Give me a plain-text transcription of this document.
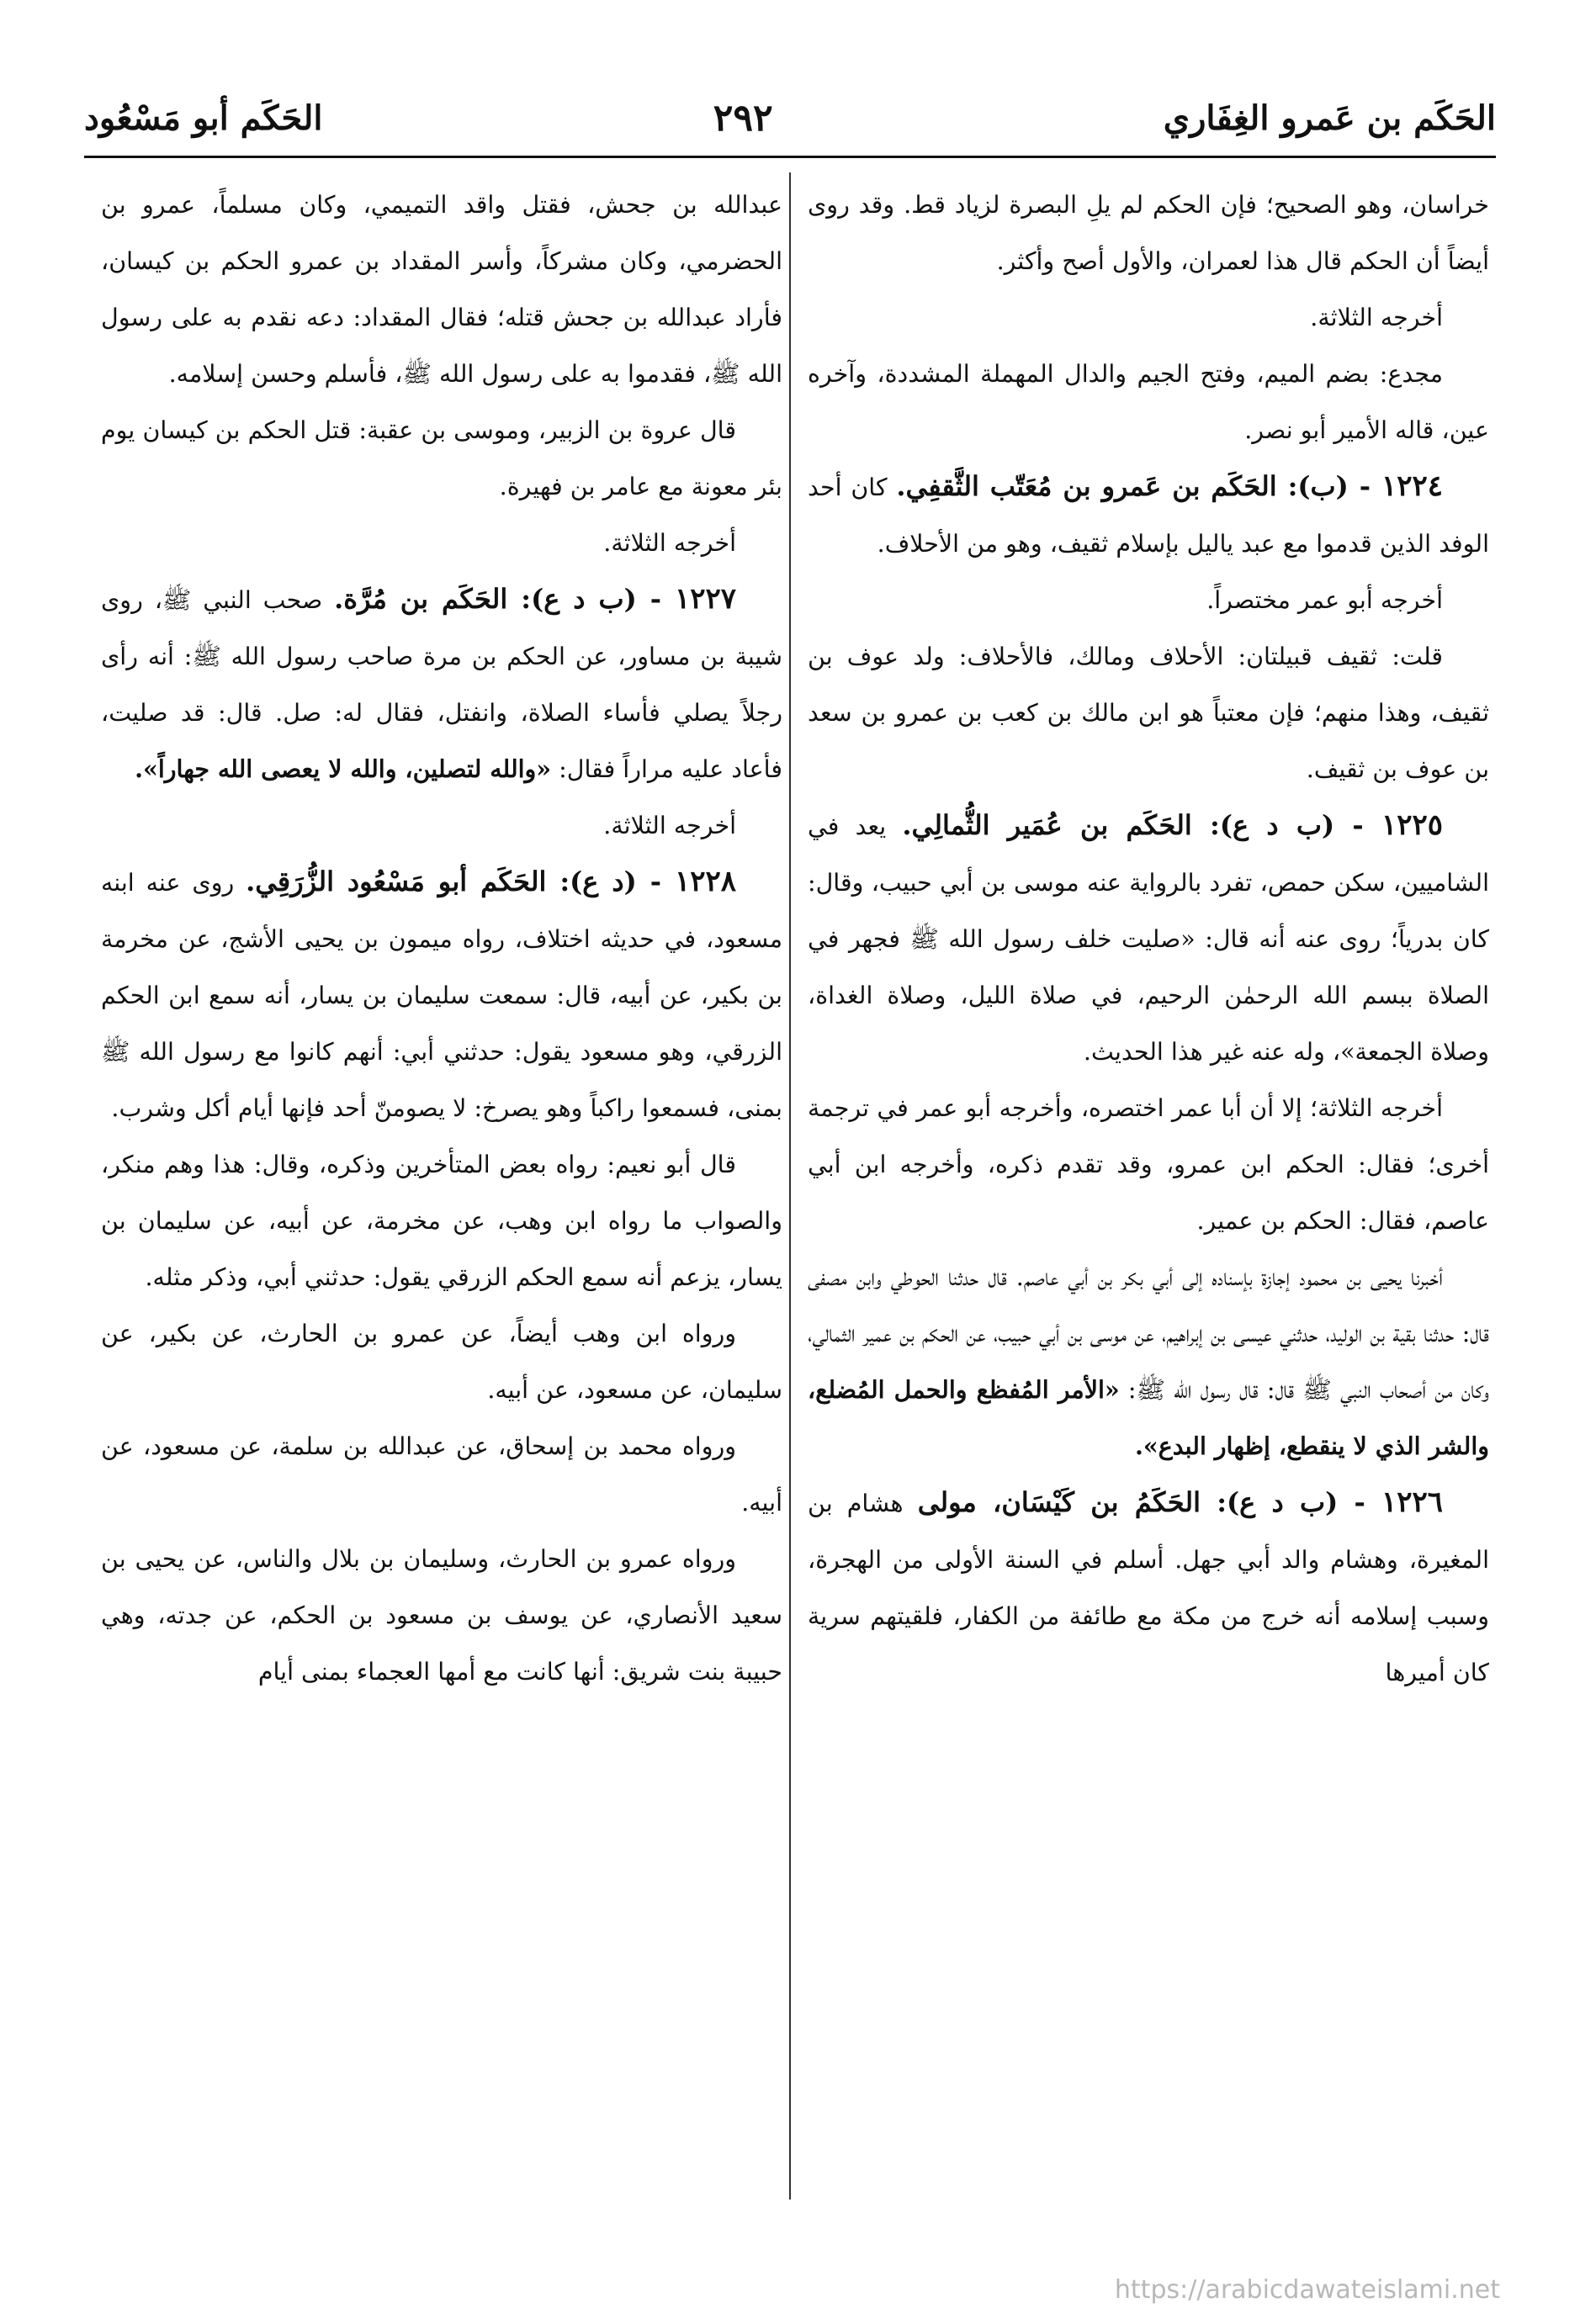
الحَكَم بن عَمرو الغِفَاري
٢٩٢
الحَكَم أبو مَسْعُود

خراسان، وهو الصحيح؛ فإن الحكم لم يلِ البصرة لزياد قط. وقد روى أيضاً أن الحكم قال هذا لعمران، والأول أصح وأكثر.

أخرجه الثلاثة.

مجدع: بضم الميم، وفتح الجيم والدال المهملة المشددة، وآخره عين، قاله الأمير أبو نصر.

١٢٢٤ - (ب): الحَكَم بن عَمرو بن مُعَتّب الثَّقفِي. كان أحد الوفد الذين قدموا مع عبد ياليل بإسلام ثقيف، وهو من الأحلاف.

أخرجه أبو عمر مختصراً.

قلت: ثقيف قبيلتان: الأحلاف ومالك، فالأحلاف: ولد عوف بن ثقيف، وهذا منهم؛ فإن معتباً هو ابن مالك بن كعب بن عمرو بن سعد بن عوف بن ثقيف.

١٢٢٥ - (ب د ع): الحَكَم بن عُمَير الثُّمالِي. يعد في الشاميين، سكن حمص، تفرد بالرواية عنه موسى بن أبي حبيب، وقال: كان بدرياً؛ روى عنه أنه قال: «صليت خلف رسول الله ﷺ فجهر في الصلاة ببسم الله الرحمٰن الرحيم، في صلاة الليل، وصلاة الغداة، وصلاة الجمعة»، وله عنه غير هذا الحديث.

أخرجه الثلاثة؛ إلا أن أبا عمر اختصره، وأخرجه أبو عمر في ترجمة أخرى؛ فقال: الحكم ابن عمرو، وقد تقدم ذكره، وأخرجه ابن أبي عاصم، فقال: الحكم بن عمير.

أخبرنا يحيى بن محمود إجازة بإسناده إلى أبي بكر بن أبي عاصم. قال حدثنا الحوطي وابن مصفى قال: حدثنا بقية بن الوليد، حدثني عيسى بن إبراهيم، عن موسى بن أبي حبيب، عن الحكم بن عمير الثمالي، وكان من أصحاب النبي ﷺ قال: قال رسول الله ﷺ: «الأمر المُفظع والحمل المُضلع، والشر الذي لا ينقطع، إظهار البدع».

١٢٢٦ - (ب د ع): الحَكَمُ بن كَيْسَان، مولى هشام بن المغيرة، وهشام والد أبي جهل. أسلم في السنة الأولى من الهجرة، وسبب إسلامه أنه خرج من مكة مع طائفة من الكفار، فلقيتهم سرية كان أميرها

عبدالله بن جحش، فقتل واقد التميمي، وكان مسلماً، عمرو بن الحضرمي، وكان مشركاً، وأسر المقداد بن عمرو الحكم بن كيسان، فأراد عبدالله بن جحش قتله؛ فقال المقداد: دعه نقدم به على رسول الله ﷺ، فقدموا به على رسول الله ﷺ، فأسلم وحسن إسلامه.

قال عروة بن الزبير، وموسى بن عقبة: قتل الحكم بن كيسان يوم بئر معونة مع عامر بن فهيرة.

أخرجه الثلاثة.

١٢٢٧ - (ب د ع): الحَكَم بن مُرَّة. صحب النبي ﷺ، روى شيبة بن مساور، عن الحكم بن مرة صاحب رسول الله ﷺ: أنه رأى رجلاً يصلي فأساء الصلاة، وانفتل، فقال له: صل. قال: قد صليت، فأعاد عليه مراراً فقال: «والله لتصلين، والله لا يعصى الله جهاراً».

أخرجه الثلاثة.

١٢٢٨ - (د ع): الحَكَم أبو مَسْعُود الزُّرَقِي. روى عنه ابنه مسعود، في حديثه اختلاف، رواه ميمون بن يحيى الأشج، عن مخرمة بن بكير، عن أبيه، قال: سمعت سليمان بن يسار، أنه سمع ابن الحكم الزرقي، وهو مسعود يقول: حدثني أبي: أنهم كانوا مع رسول الله ﷺ بمنى، فسمعوا راكباً وهو يصرخ: لا يصومنّ أحد فإنها أيام أكل وشرب.

قال أبو نعيم: رواه بعض المتأخرين وذكره، وقال: هذا وهم منكر، والصواب ما رواه ابن وهب، عن مخرمة، عن أبيه، عن سليمان بن يسار، يزعم أنه سمع الحكم الزرقي يقول: حدثني أبي، وذكر مثله.

ورواه ابن وهب أيضاً، عن عمرو بن الحارث، عن بكير، عن سليمان، عن مسعود، عن أبيه.

ورواه محمد بن إسحاق، عن عبدالله بن سلمة، عن مسعود، عن أبيه.

ورواه عمرو بن الحارث، وسليمان بن بلال والناس، عن يحيى بن سعيد الأنصاري، عن يوسف بن مسعود بن الحكم، عن جدته، وهي حبيبة بنت شريق: أنها كانت مع أمها العجماء بمنى أيام

https://arabicdawateislami.net
